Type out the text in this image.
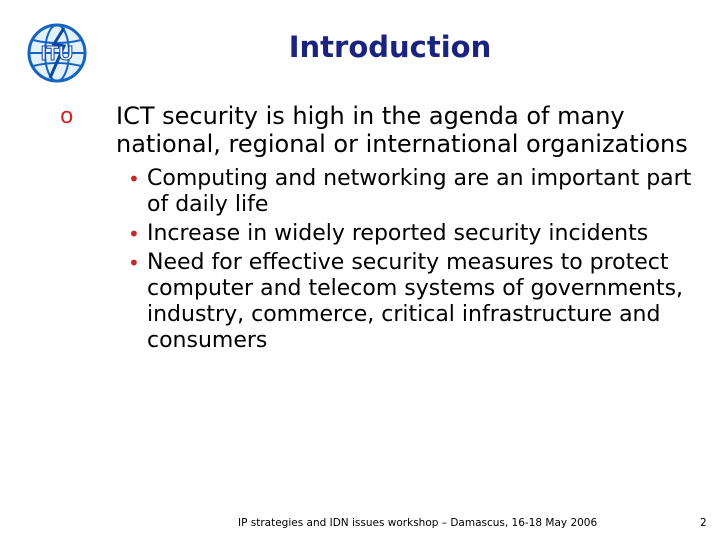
ITU	Introduction
o ICT security is high in the agenda of many national, regional or international organizations
• Computing and networking are an important part of daily life
• Increase in widely reported security incidents
• Need for effective security measures to protect computer and telecom systems of governments, industry, commerce, critical infrastructure and consumers
IP strategies and IDN issues workshop – Damascus, 16-18 May 2006	2
